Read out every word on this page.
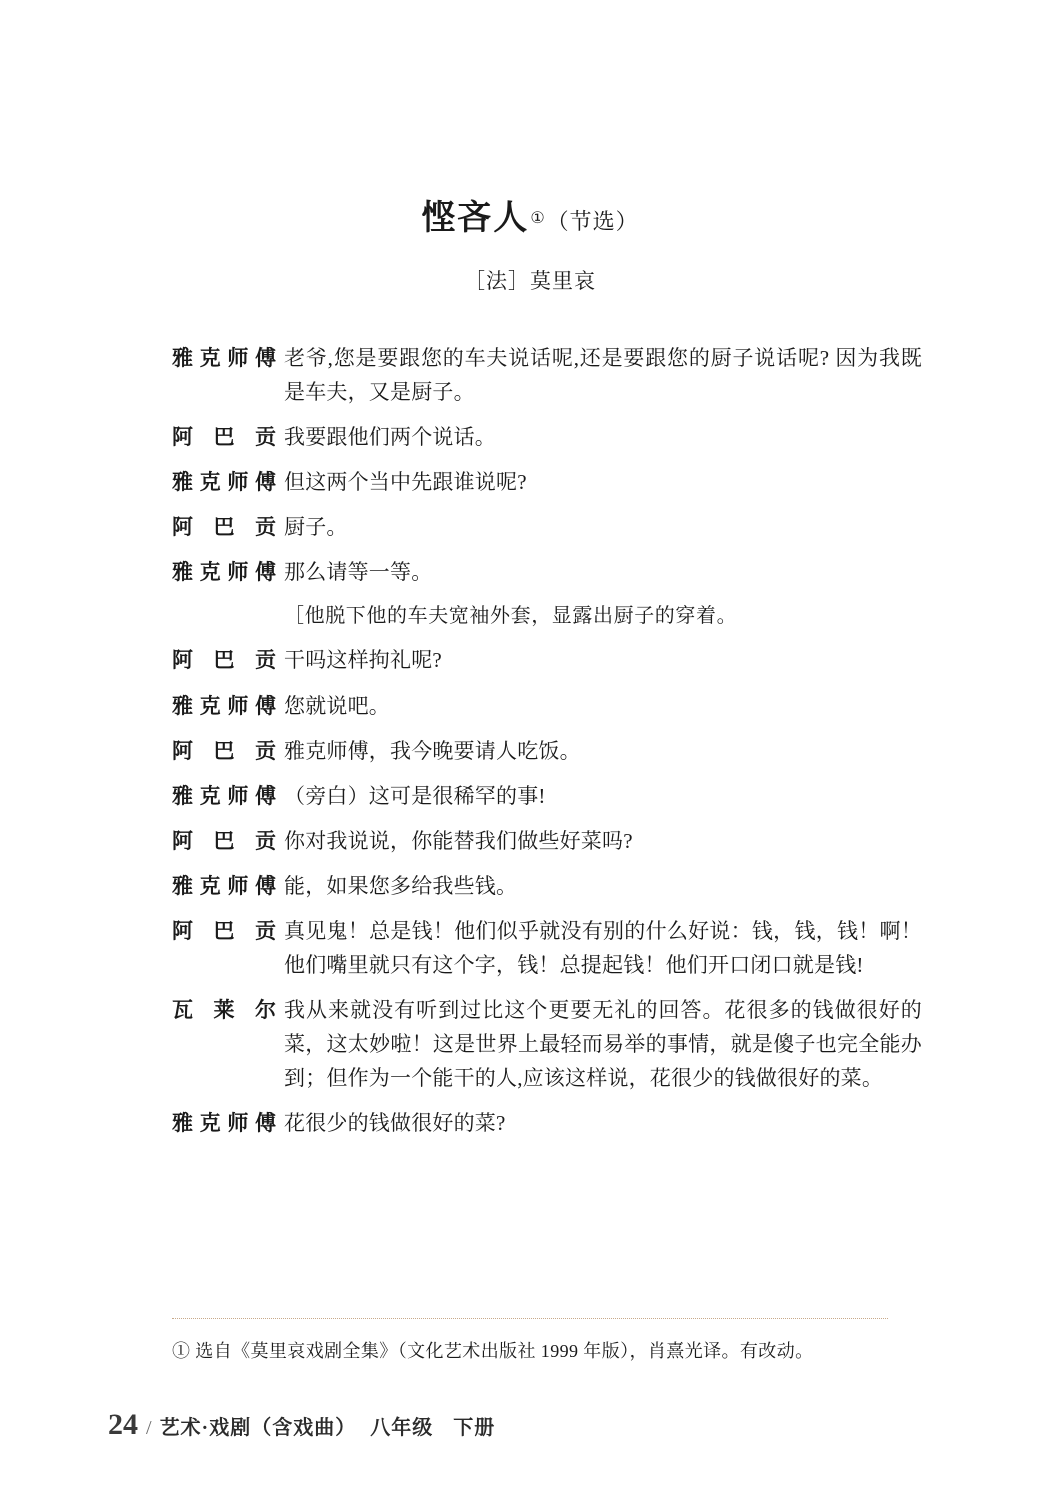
悭吝人①（节选）
［法］莫里哀
雅克师傅 老爷,您是要跟您的车夫说话呢,还是要跟您的厨子说话呢? 因为我既是车夫，又是厨子。
阿巴贡 我要跟他们两个说话。
雅克师傅 但这两个当中先跟谁说呢?
阿巴贡 厨子。
雅克师傅 那么请等一等。
［他脱下他的车夫宽袖外套，显露出厨子的穿着。
阿巴贡 干吗这样拘礼呢?
雅克师傅 您就说吧。
阿巴贡 雅克师傅，我今晚要请人吃饭。
雅克师傅 （旁白）这可是很稀罕的事!
阿巴贡 你对我说说，你能替我们做些好菜吗?
雅克师傅 能，如果您多给我些钱。
阿巴贡 真见鬼！总是钱！他们似乎就没有别的什么好说：钱，钱，钱！啊！他们嘴里就只有这个字，钱！总提起钱！他们开口闭口就是钱!
瓦莱尔 我从来就没有听到过比这个更要无礼的回答。花很多的钱做很好的菜，这太妙啦！这是世界上最轻而易举的事情，就是傻子也完全能办到；但作为一个能干的人,应该这样说，花很少的钱做很好的菜。
雅克师傅 花很少的钱做很好的菜?
① 选自《莫里哀戏剧全集》（文化艺术出版社 1999 年版），肖熹光译。有改动。
24 / 艺术·戏剧（含戏曲） 八年级 下册
